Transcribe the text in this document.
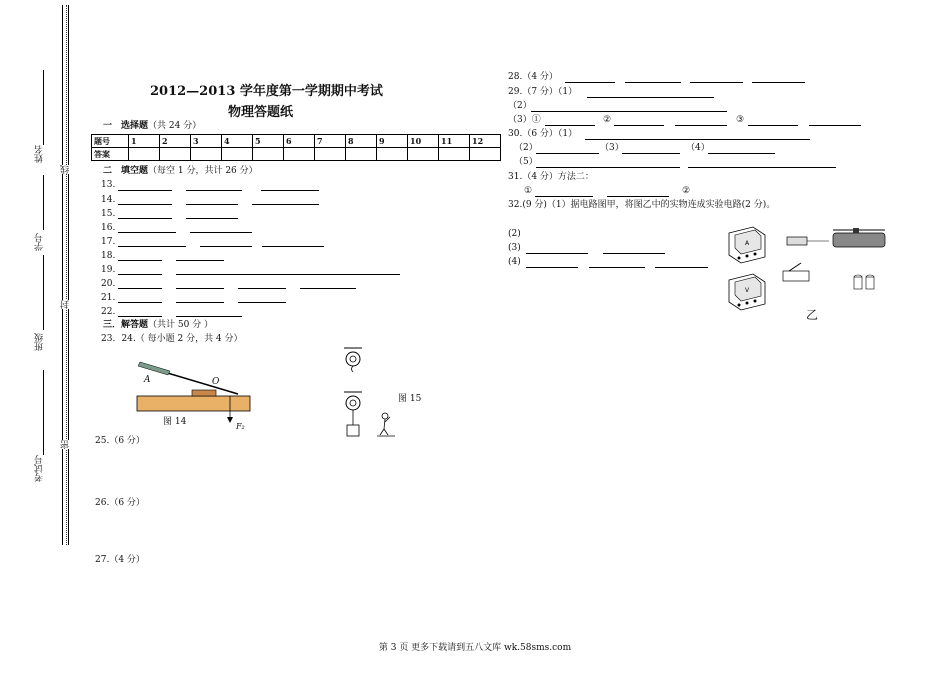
姓名
学号
班级
考试号
线
封
密
2012—2013 学年度第一学期期中考试
物理答题纸
一　选择题（共 24 分）
题号	1	2	3	4	5	6	7	8	9	10	11	12
答案												
二　填空题（每空 1 分，共计 26 分）
13.
14.
15.
16.
17.
18.
19.
20.
21.
22.
三．解答题（共计 50 分 ）
23．24.（ 每小题 2 分，共 4 分）
A	O
F₂
图 14
图 15
25.（6 分）
26.（6 分）
27.（4 分）
28.（4 分）
29.（7 分）（1）
（2）
（3）①	②	③
30.（6 分）（1）
（2）	（3）	（4）
（5）
31.（4 分）方法二：
①	②
32.(9 分)（1）据电路图甲，将图乙中的实物连成实验电路(2 分)。
(2)
(3)
(4)
A
V
乙
第 3 页 更多下载请到五八文库 wk.58sms.com
